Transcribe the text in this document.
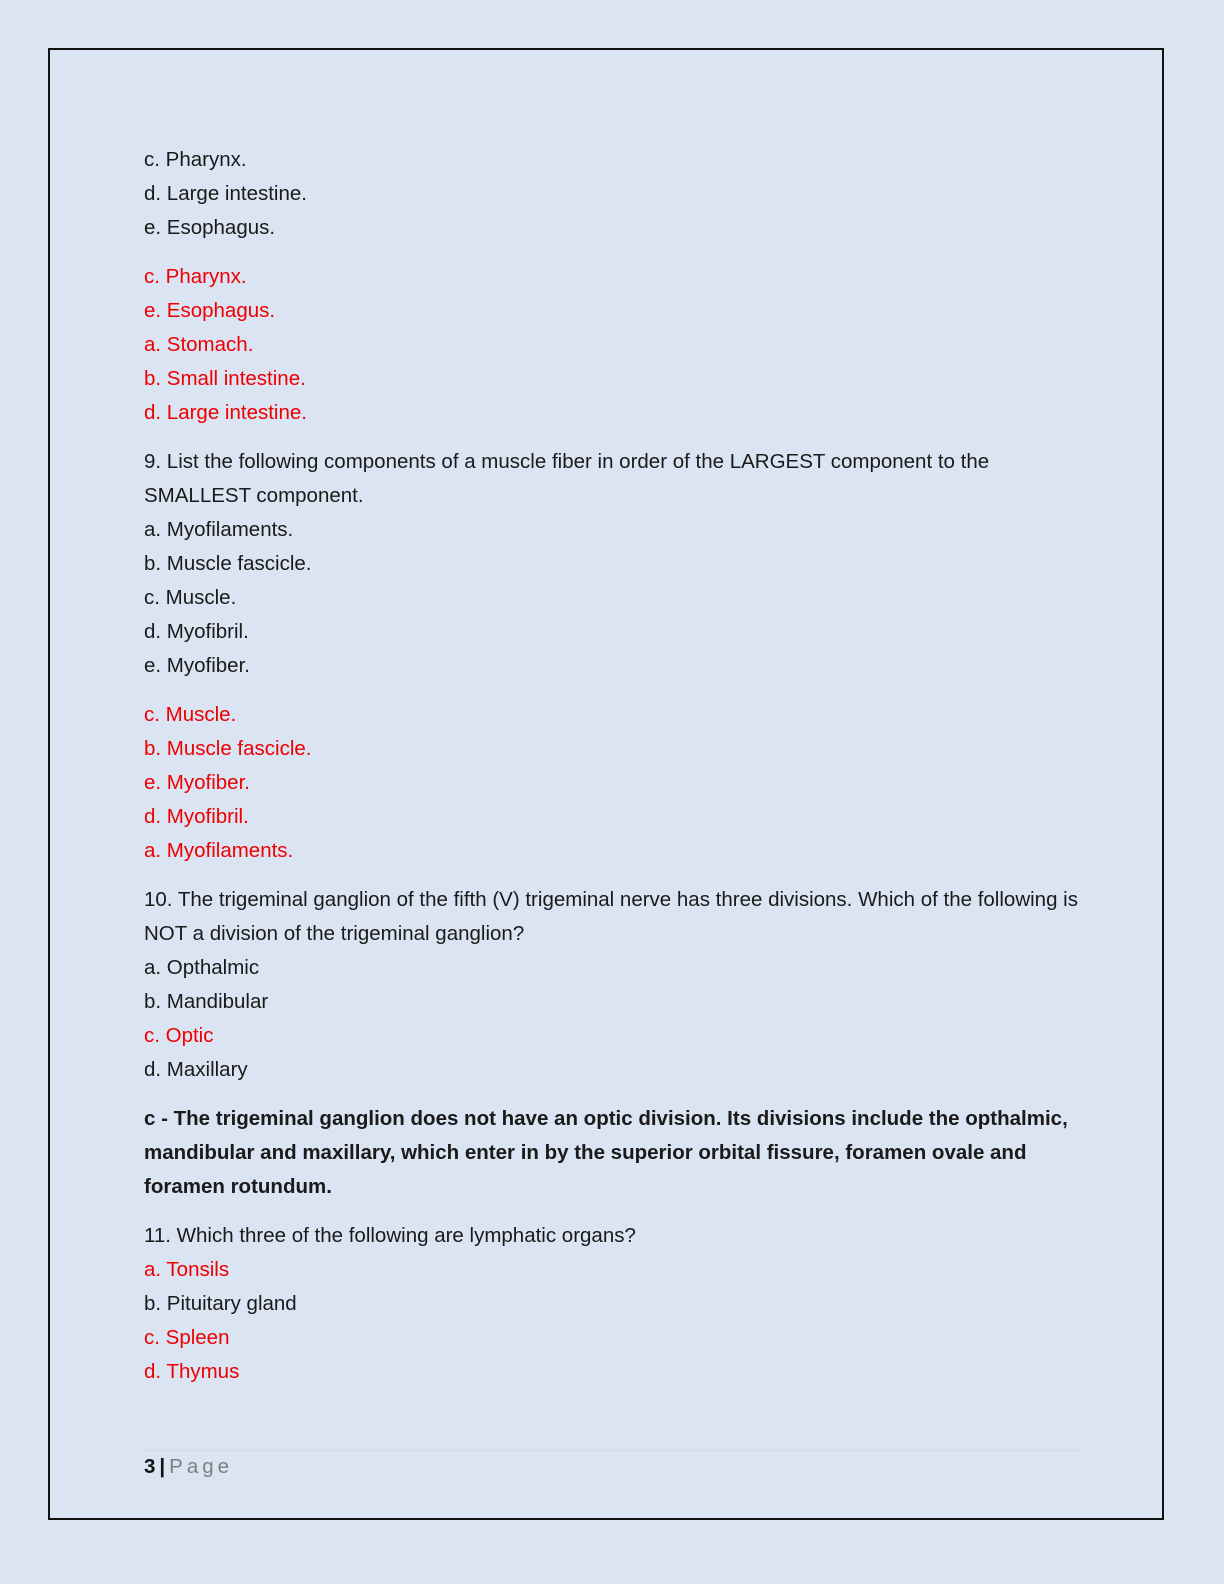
c. Pharynx.

d. Large intestine.

e. Esophagus.

c. Pharynx.

e. Esophagus.

a. Stomach.

b. Small intestine.

d. Large intestine.

9. List the following components of a muscle fiber in order of the LARGEST component to the SMALLEST component.

a. Myofilaments.

b. Muscle fascicle.

c. Muscle.

d. Myofibril.

e. Myofiber.

c. Muscle.

b. Muscle fascicle.

e. Myofiber.

d. Myofibril.

a. Myofilaments.

10. The trigeminal ganglion of the fifth (V) trigeminal nerve has three divisions. Which of the following is NOT a division of the trigeminal ganglion?

a. Opthalmic

b. Mandibular

c. Optic

d. Maxillary

c - The trigeminal ganglion does not have an optic division. Its divisions include the opthalmic, mandibular and maxillary, which enter in by the superior orbital fissure, foramen ovale and foramen rotundum.

11. Which three of the following are lymphatic organs?

a. Tonsils

b. Pituitary gland

c. Spleen

d. Thymus

3 | Page
